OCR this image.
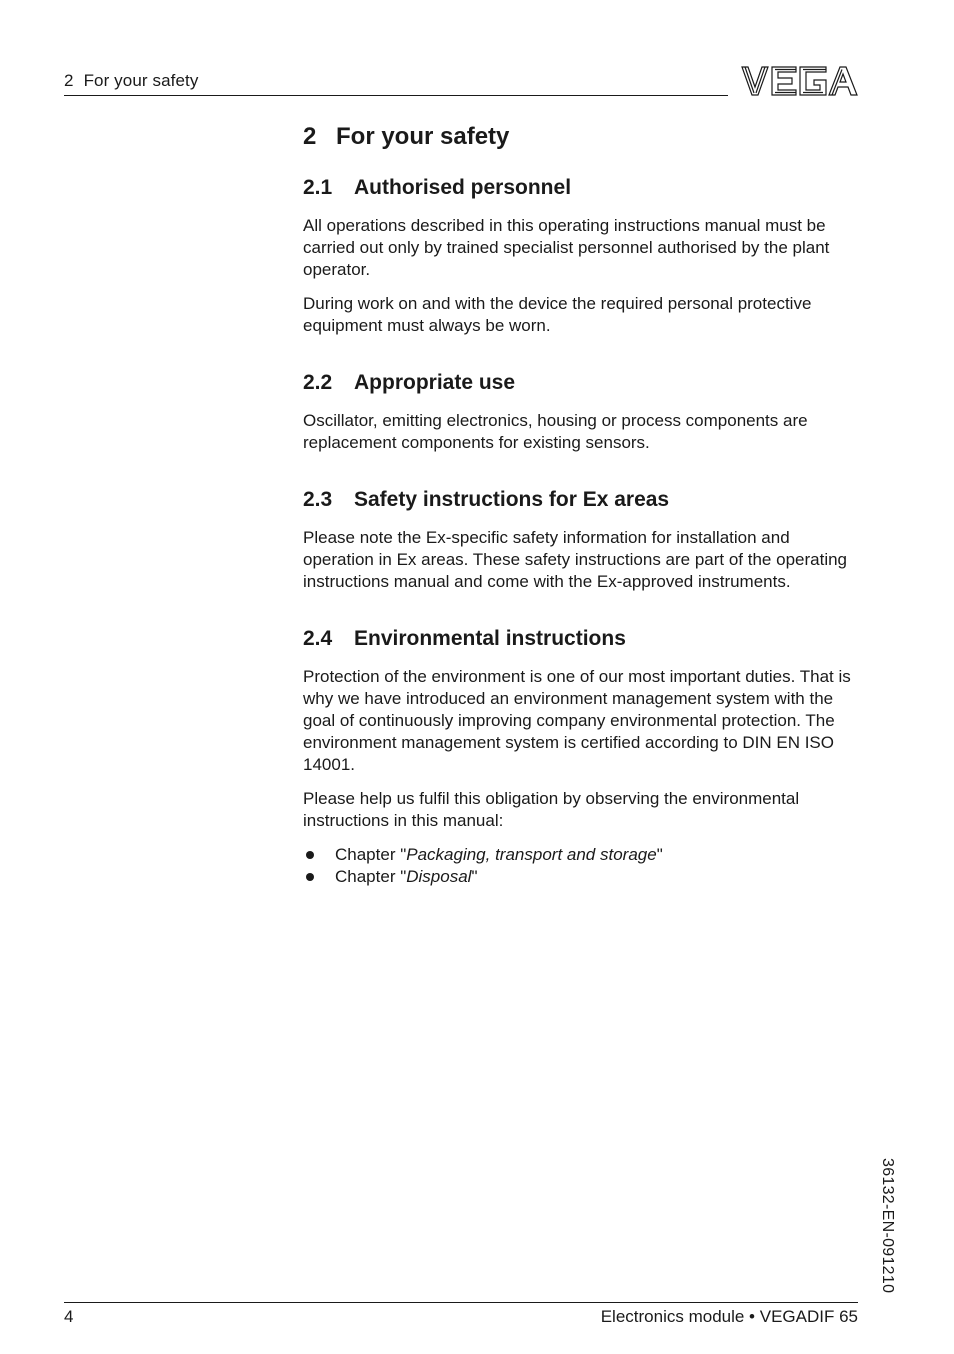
2 For your safety
2 For your safety
2.1 Authorised personnel

All operations described in this operating instructions manual must be carried out only by trained specialist personnel authorised by the plant operator.

During work on and with the device the required personal protective equipment must always be worn.

2.2 Appropriate use

Oscillator, emitting electronics, housing or process components are replacement components for existing sensors.

2.3 Safety instructions for Ex areas

Please note the Ex-specific safety information for installation and operation in Ex areas. These safety instructions are part of the operating instructions manual and come with the Ex-approved instruments.

2.4 Environmental instructions

Protection of the environment is one of our most important duties. That is why we have introduced an environment management system with the goal of continuously improving company environmental protection. The environment management system is certified according to DIN EN ISO 14001.

Please help us fulfil this obligation by observing the environmental instructions in this manual:

Chapter "Packaging, transport and storage"
Chapter "Disposal"
36132-EN-091210
4	Electronics module • VEGADIF 65
